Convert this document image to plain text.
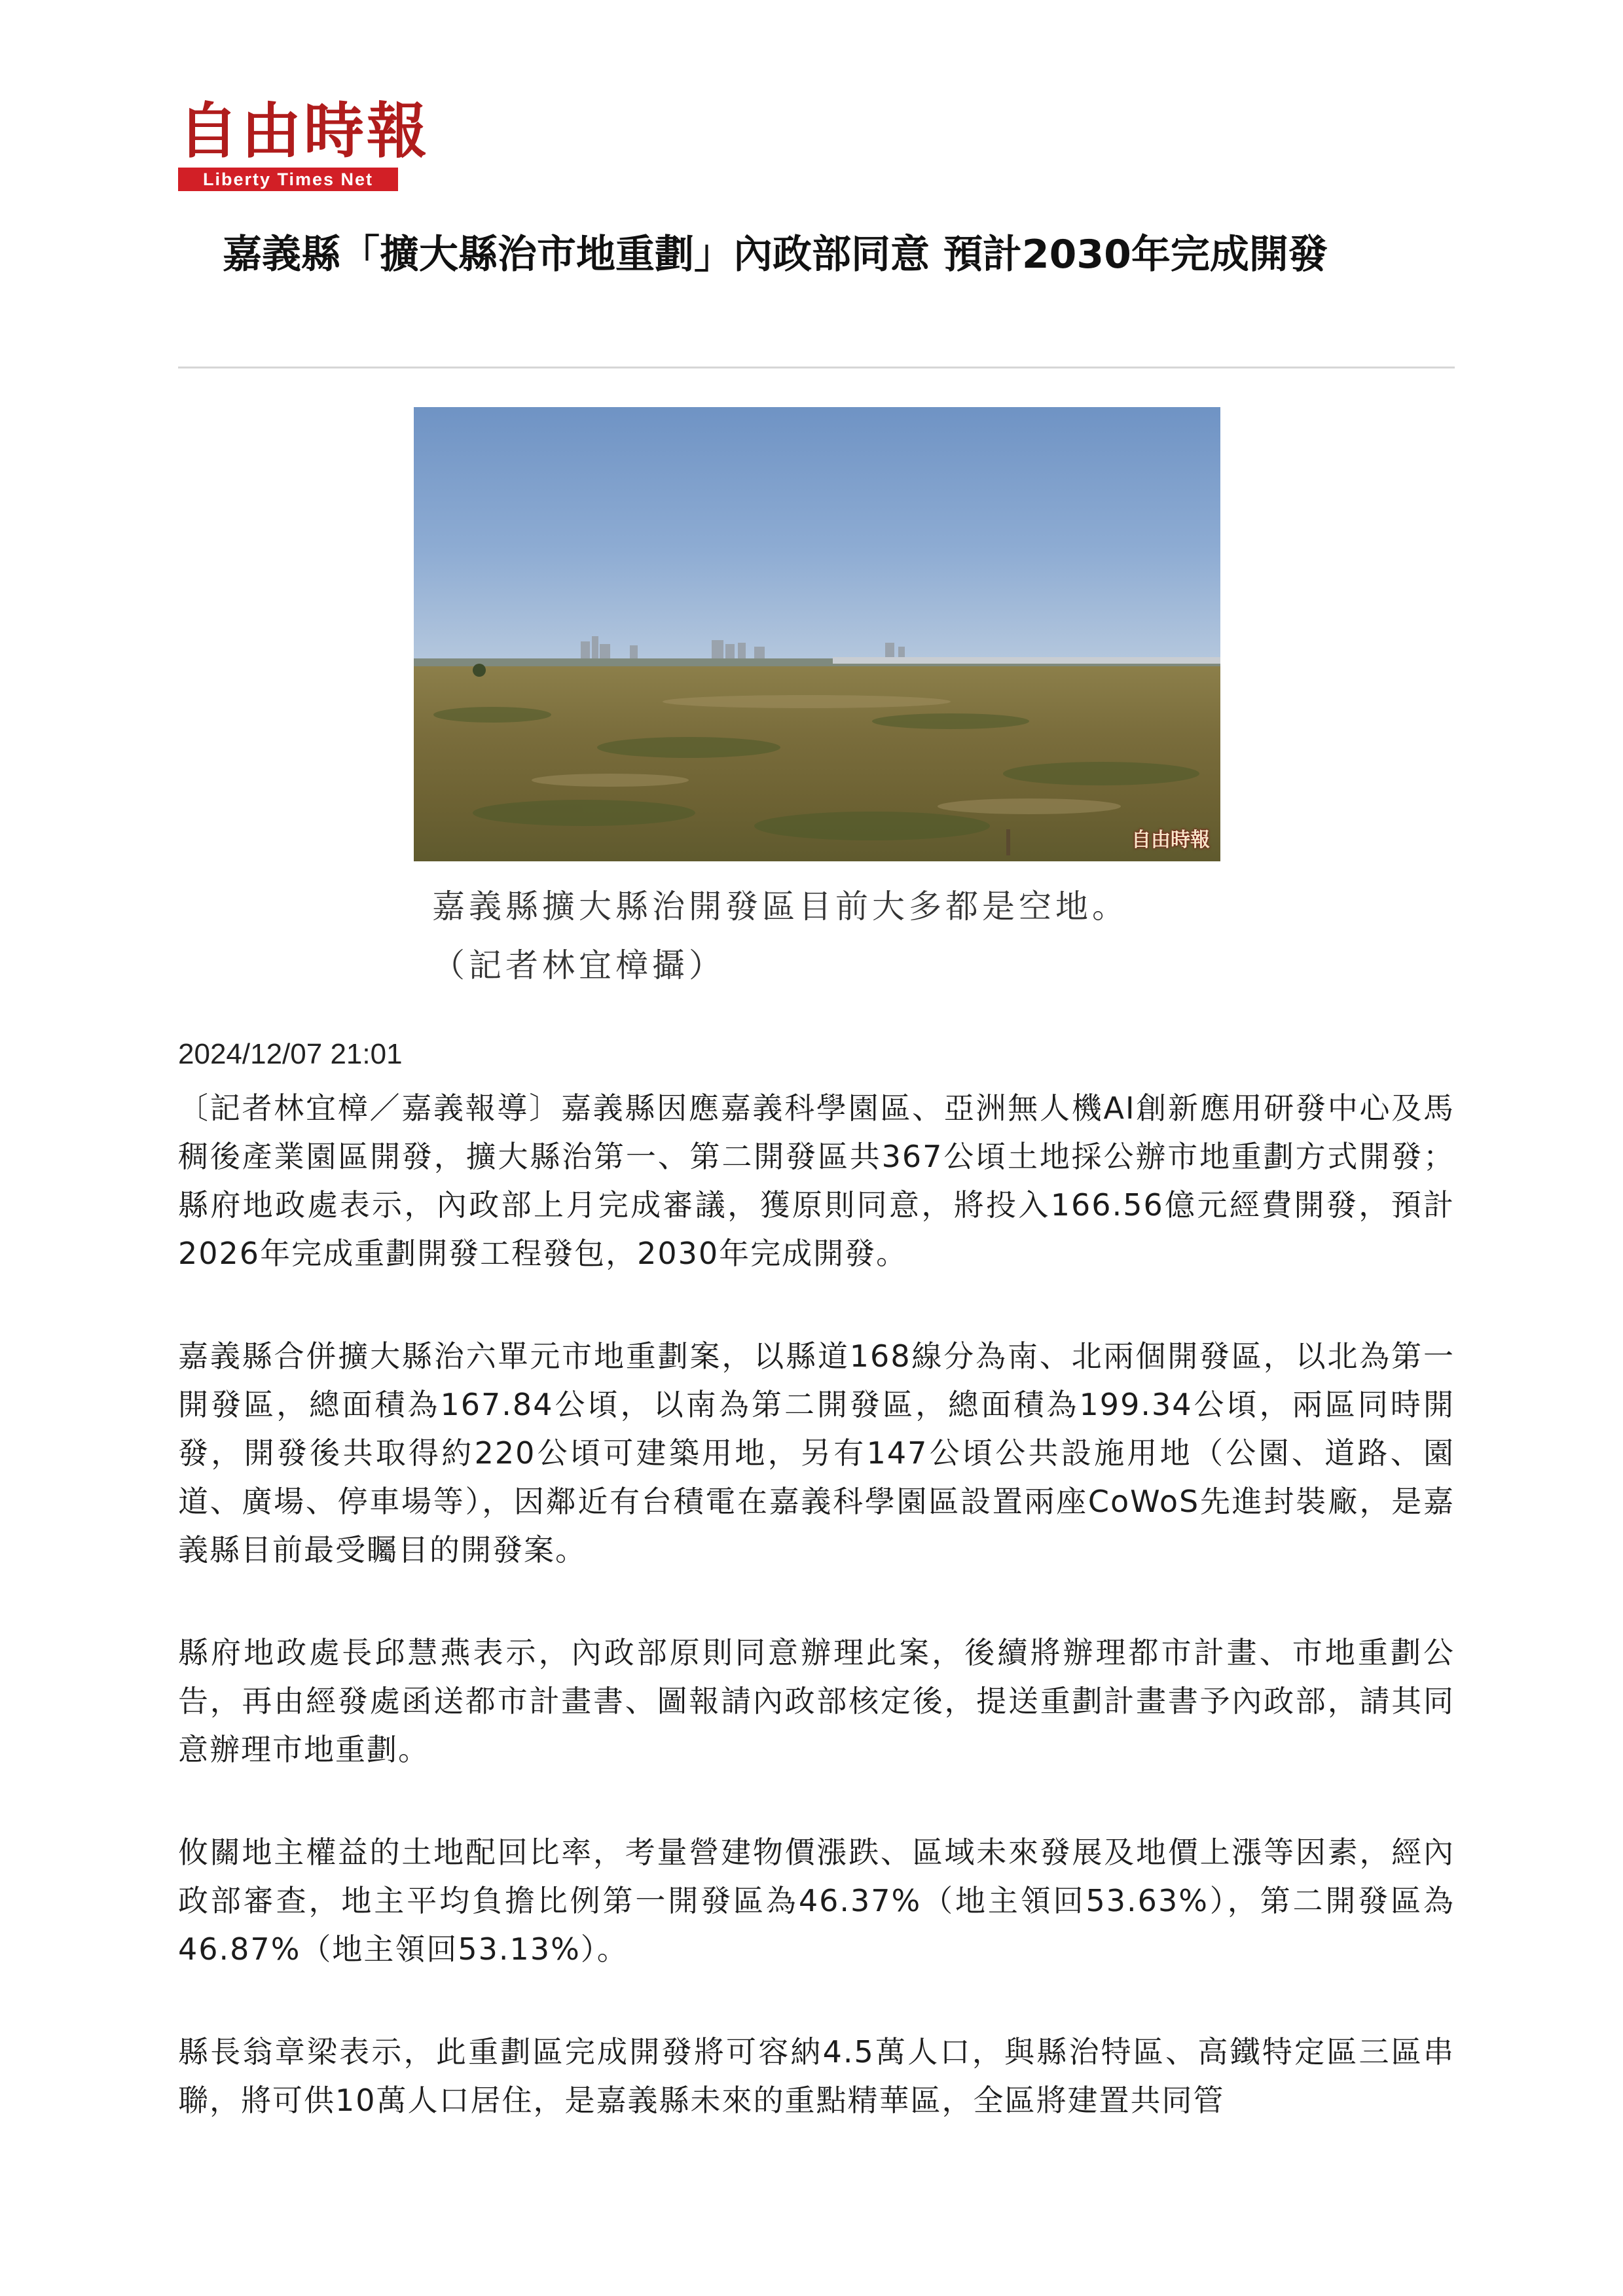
自由時報
Liberty Times Net
嘉義縣「擴大縣治市地重劃」內政部同意 預計2030年完成開發
自由時報
嘉義縣擴大縣治開發區目前大多都是空地。
（記者林宜樟攝）
2024/12/07 21:01

〔記者林宜樟／嘉義報導〕嘉義縣因應嘉義科學園區、亞洲無人機AI創新應用研發中心及馬稠後產業園區開發，擴大縣治第一、第二開發區共367公頃土地採公辦市地重劃方式開發；縣府地政處表示，內政部上月完成審議，獲原則同意，將投入166.56億元經費開發，預計2026年完成重劃開發工程發包，2030年完成開發。

嘉義縣合併擴大縣治六單元市地重劃案，以縣道168線分為南、北兩個開發區，以北為第一開發區，總面積為167.84公頃，以南為第二開發區，總面積為199.34公頃，兩區同時開發，開發後共取得約220公頃可建築用地，另有147公頃公共設施用地（公園、道路、園道、廣場、停車場等），因鄰近有台積電在嘉義科學園區設置兩座CoWoS先進封裝廠，是嘉義縣目前最受矚目的開發案。

縣府地政處長邱慧燕表示，內政部原則同意辦理此案，後續將辦理都市計畫、市地重劃公告，再由經發處函送都市計畫書、圖報請內政部核定後，提送重劃計畫書予內政部，請其同意辦理市地重劃。

攸關地主權益的土地配回比率，考量營建物價漲跌、區域未來發展及地價上漲等因素，經內政部審查，地主平均負擔比例第一開發區為46.37%（地主領回53.63%），第二開發區為46.87%（地主領回53.13%）。

縣長翁章梁表示，此重劃區完成開發將可容納4.5萬人口，與縣治特區、高鐵特定區三區串聯，將可供10萬人口居住，是嘉義縣未來的重點精華區，全區將建置共同管
